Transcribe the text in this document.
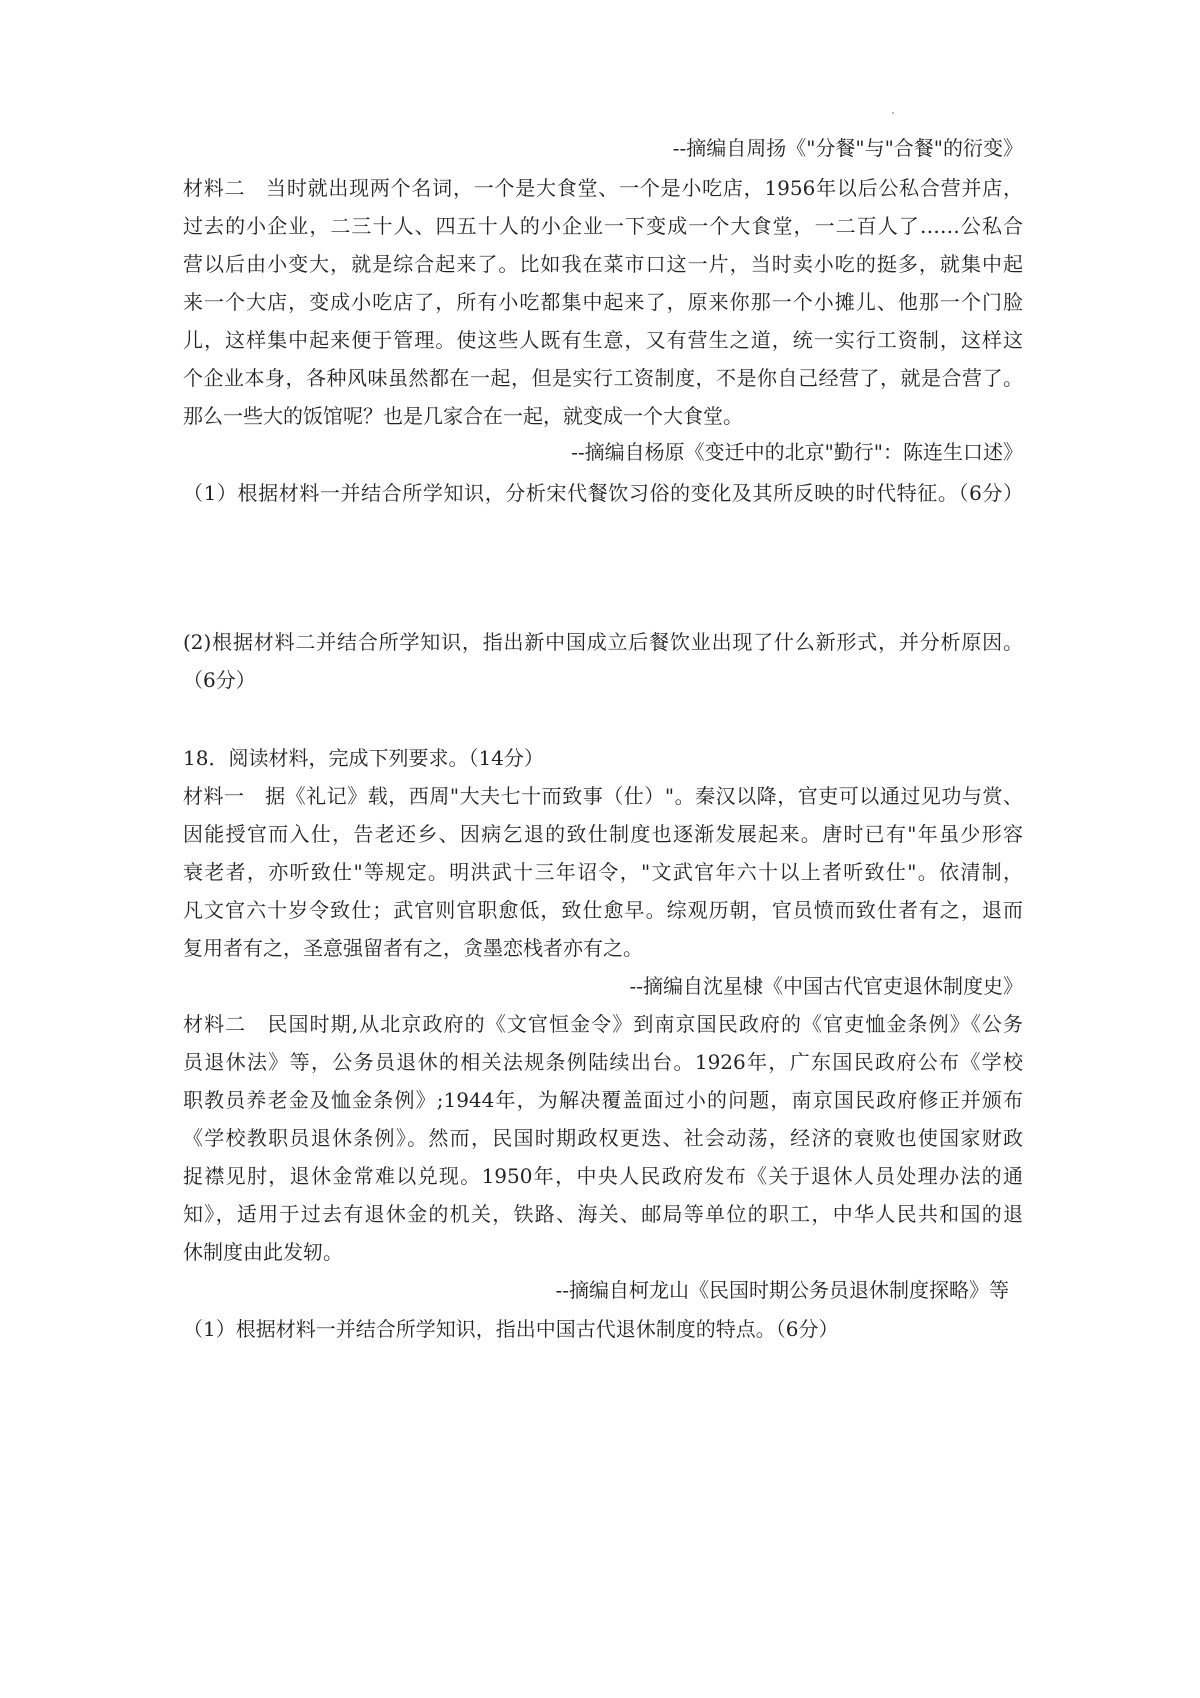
--摘编自周扬《"分餐"与"合餐"的衍变》
材料二　当时就出现两个名词，一个是大食堂、一个是小吃店，1956年以后公私合营并店，
过去的小企业，二三十人、四五十人的小企业一下变成一个大食堂，一二百人了……公私合
营以后由小变大，就是综合起来了。比如我在菜市口这一片，当时卖小吃的挺多，就集中起
来一个大店，变成小吃店了，所有小吃都集中起来了，原来你那一个小摊儿、他那一个门脸
儿，这样集中起来便于管理。使这些人既有生意，又有营生之道，统一实行工资制，这样这
个企业本身，各种风味虽然都在一起，但是实行工资制度，不是你自己经营了，就是合营了。
那么一些大的饭馆呢？也是几家合在一起，就变成一个大食堂。
--摘编自杨原《变迁中的北京"勤行"：陈连生口述》
（1）根据材料一并结合所学知识，分析宋代餐饮习俗的变化及其所反映的时代特征。（6分）
(2)根据材料二并结合所学知识，指出新中国成立后餐饮业出现了什么新形式，并分析原因。
（6分）
18．阅读材料，完成下列要求。（14分）
材料一　据《礼记》载，西周"大夫七十而致事（仕）"。秦汉以降，官吏可以通过见功与赏、
因能授官而入仕，告老还乡、因病乞退的致仕制度也逐渐发展起来。唐时已有"年虽少形容
衰老者，亦听致仕"等规定。明洪武十三年诏令，"文武官年六十以上者听致仕"。依清制，
凡文官六十岁令致仕；武官则官职愈低，致仕愈早。综观历朝，官员愤而致仕者有之，退而
复用者有之，圣意强留者有之，贪墨恋栈者亦有之。
--摘编自沈星棣《中国古代官吏退休制度史》
材料二　民国时期,从北京政府的《文官恒金令》到南京国民政府的《官吏恤金条例》《公务
员退休法》等，公务员退休的相关法规条例陆续出台。1926年，广东国民政府公布《学校
职教员养老金及恤金条例》;1944年，为解决覆盖面过小的问题，南京国民政府修正并颁布
《学校教职员退休条例》。然而，民国时期政权更迭、社会动荡，经济的衰败也使国家财政
捉襟见肘，退休金常难以兑现。1950年，中央人民政府发布《关于退休人员处理办法的通
知》，适用于过去有退休金的机关，铁路、海关、邮局等单位的职工，中华人民共和国的退
休制度由此发轫。
--摘编自柯龙山《民国时期公务员退休制度探略》等
（1）根据材料一并结合所学知识，指出中国古代退休制度的特点。（6分）
